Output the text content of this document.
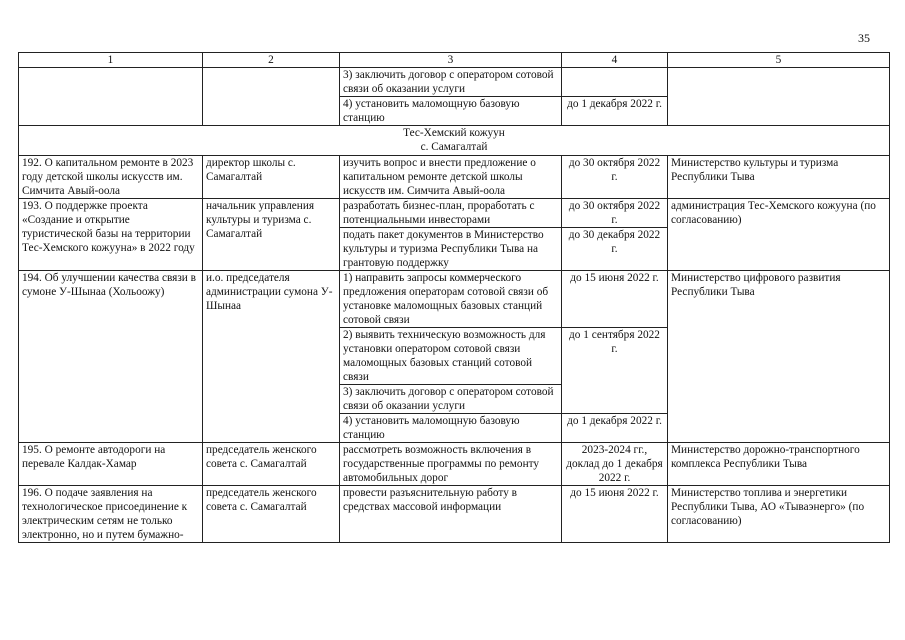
35
1	2	3	4	5
		3) заключить договор с оператором сотовой связи об оказании услуги		
		4) установить маломощную базовую станцию	до 1 декабря 2022 г.	

Тес-Хемский кожуун
с. Самагалтай				

192. О капитальном ремонте в 2023 году детской школы искусств им. Симчита Авый-оола	директор школы с. Самагалтай	изучить вопрос и внести предложение о капитальном ремонте детской школы искусств им. Симчита Авый-оола	до 30 октября 2022 г.	Министерство культуры и туризма Республики Тыва
193. О поддержке проекта «Создание и открытие туристической базы на территории Тес-Хемского кожууна» в 2022 году	начальник управления культуры и туризма с. Самагалтай	разработать бизнес-план, проработать с потенциальными инвесторами	до 30 октября 2022 г.	администрация Тес-Хемского кожууна (по согласованию)
		подать пакет документов в Министерство культуры и туризма Республики Тыва на грантовую поддержку	до 30 декабря 2022 г.	
194. Об улучшении качества связи в сумоне У-Шынаа (Хольоожу)	и.о. председателя администрации сумона У-Шынаа	1) направить запросы коммерческого предложения операторам сотовой связи об установке маломощных базовых станций сотовой связи	до 15 июня 2022 г.	Министерство цифрового развития Республики Тыва
		2) выявить техническую возможность для установки оператором сотовой связи маломощных базовых станций сотовой связи	до 1 сентября 2022 г.	
		3) заключить договор с оператором сотовой связи об оказании услуги		
		4) установить маломощную базовую станцию	до 1 декабря 2022 г.	
195. О ремонте автодороги на перевале Калдак-Хамар	председатель женского совета с. Самагалтай	рассмотреть возможность включения в государственные программы по ремонту автомобильных дорог	2023-2024 гг., доклад до 1 декабря 2022 г.	Министерство дорожно-транспортного комплекса Республики Тыва
196. О подаче заявления на технологическое присоединение к электрическим сетям не только электронно, но и путем бумажно-	председатель женского совета с. Самагалтай	провести разъяснительную работу в средствах массовой информации	до 15 июня 2022 г.	Министерство топлива и энергетики Республики Тыва, АО «Тываэнерго» (по согласованию)
